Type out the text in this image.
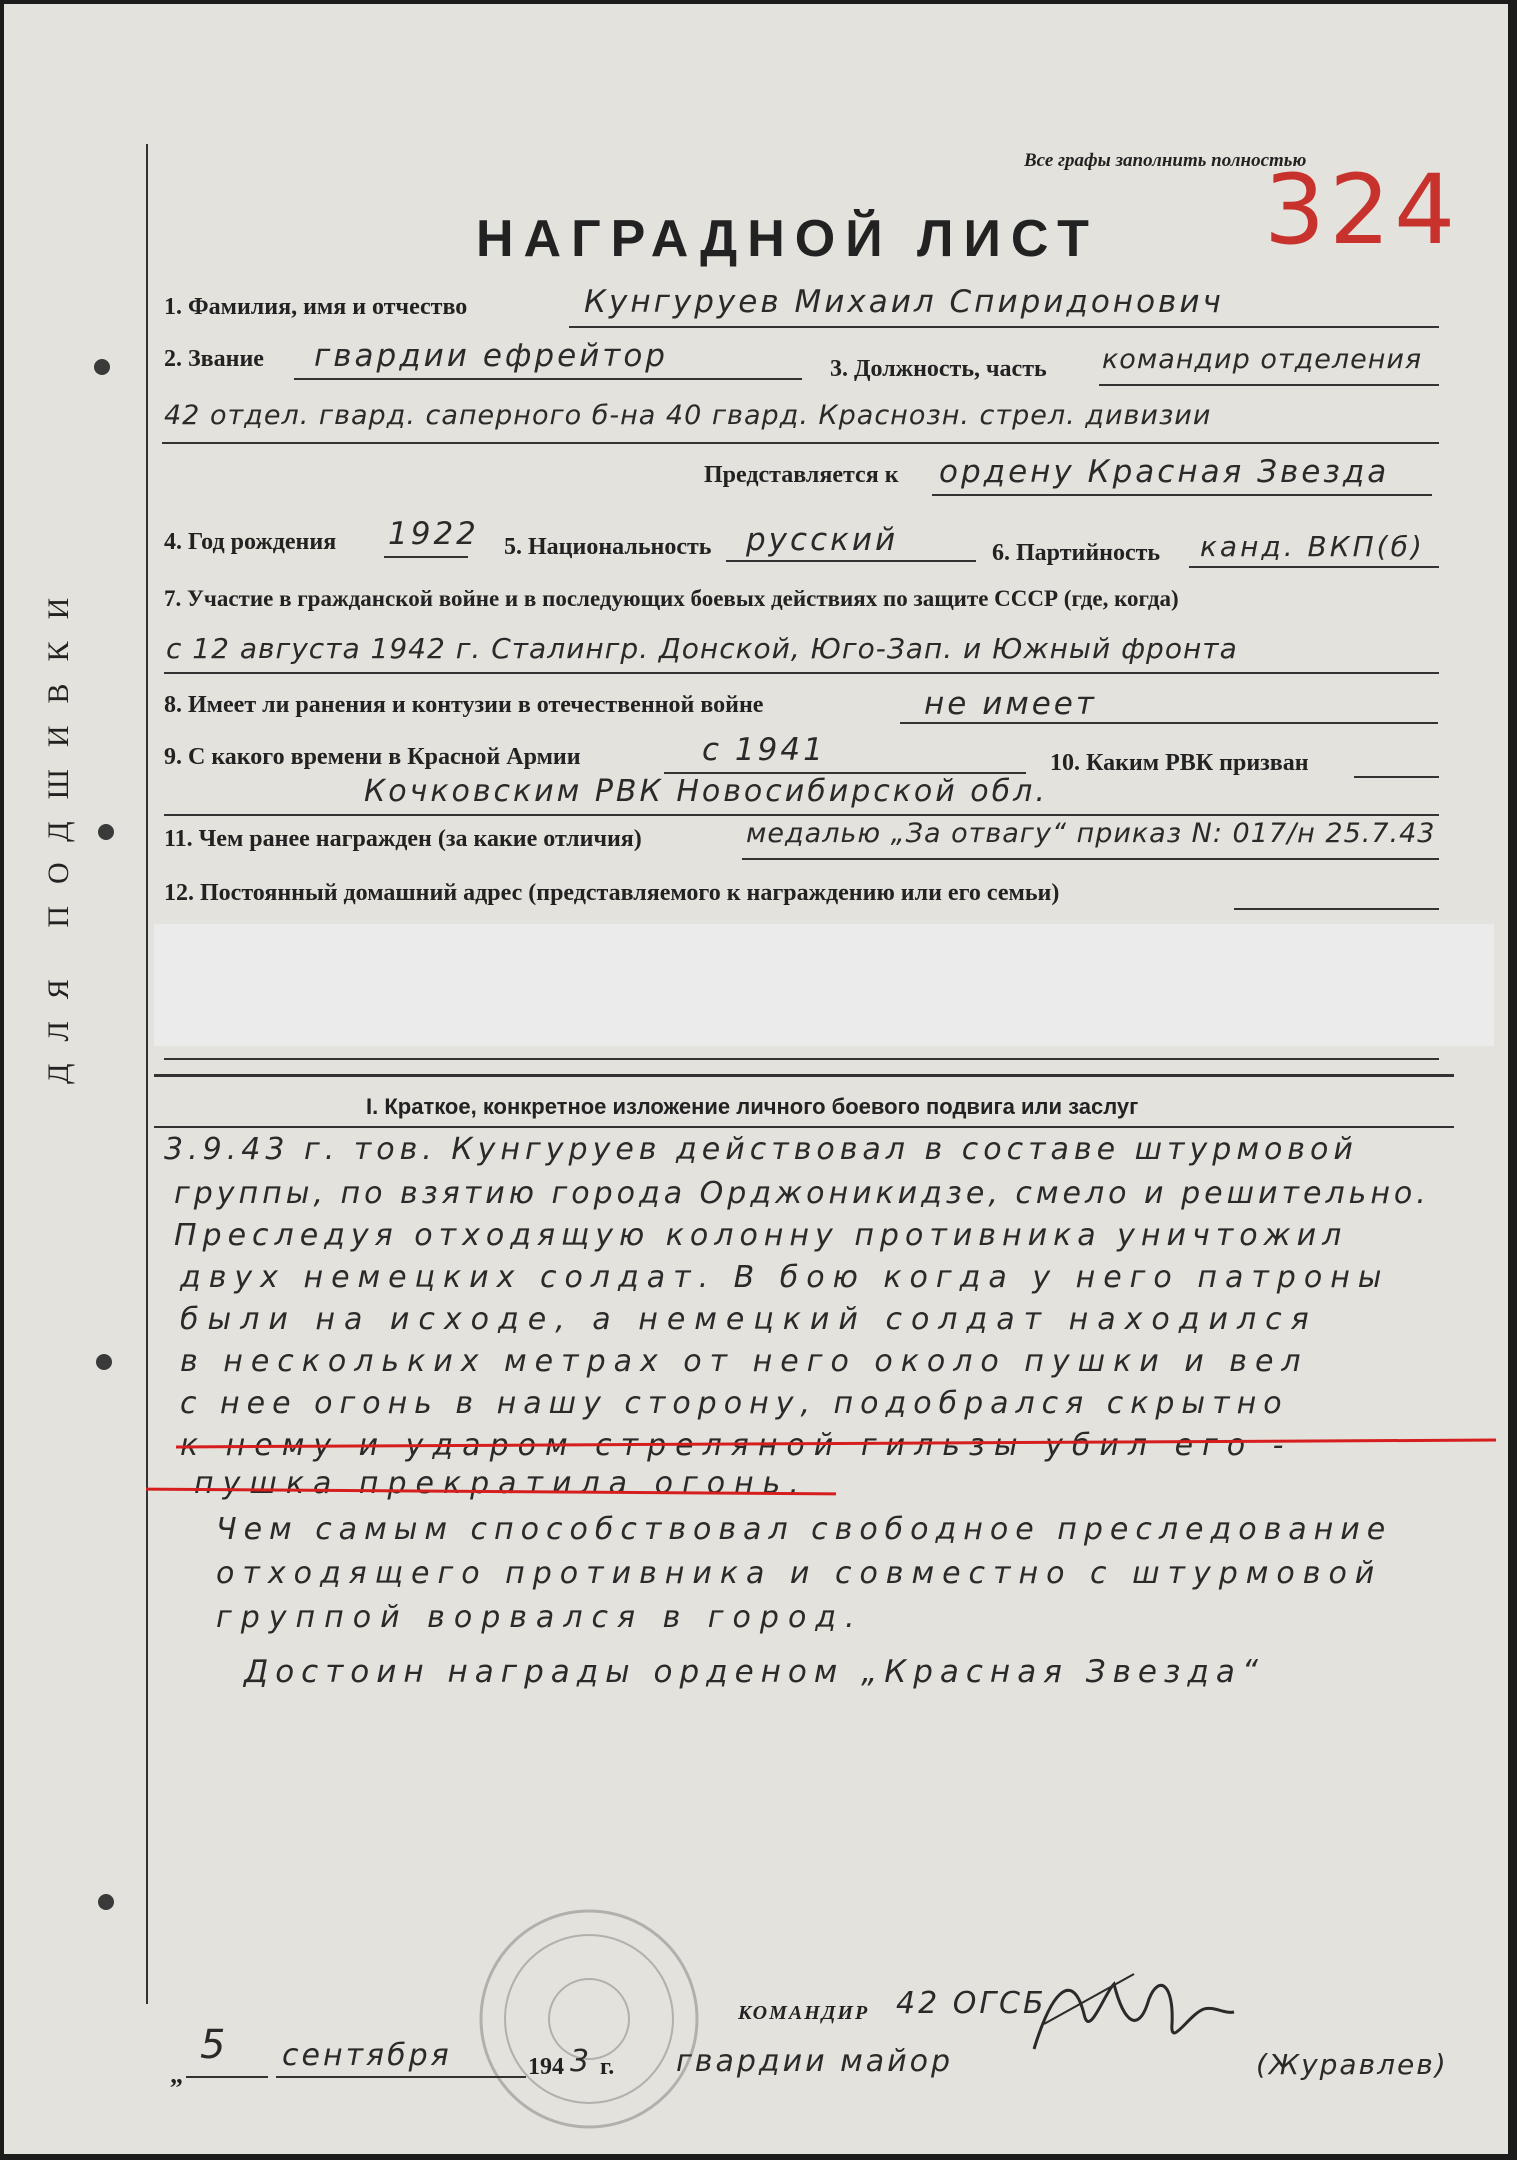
ДЛЯ ПОДШИВКИ
Все графы заполнить полностью
324
НАГРАДНОЙ ЛИСТ
1. Фамилия, имя и отчество	Кунгуруев Михаил Спиридонович
2. Звание гвардии ефрейтор	3. Должность, часть командир отделения
42 отдел. гвард. саперного б-на 40 гвард. Краснозн. стрел. дивизии
Представляется к ордену Красная Звезда
4. Год рождения 1922 5. Национальность русский	6. Партийность канд. ВКП(б)
7. Участие в гражданской войне и в последующих боевых действиях по защите СССР (где, когда)
с 12 августа 1942 г. Сталингр. Донской, Юго-Зап. и Южный фронта
8. Имеет ли ранения и контузии в отечественной войне	не имеет
9. С какого времени в Красной Армии	с 1941	10. Каким РВК призван
Кочковским РВК Новосибирской обл.
11. Чем ранее награжден (за какие отличия)	медалью „За отвагу“ приказ N: 017/н 25.7.43
12. Постоянный домашний адрес (представляемого к награждению или его семьи)
I. Краткое, конкретное изложение личного боевого подвига или заслуг
3.9.43 г. тов. Кунгуруев действовал в составе штурмовой
группы, по взятию города Орджоникидзе, смело и решительно.
Преследуя отходящую колонну противника уничтожил
двух немецких солдат. В бою когда у него патроны
были на исходе, а немецкий солдат находился
в нескольких метрах от него около пушки и вел
с нее огонь в нашу сторону, подобрался скрытно
к нему и ударом стреляной гильзы убил его -
пушка прекратила огонь.
Чем самым способствовал свободное преследование
отходящего противника и совместно с штурмовой
группой ворвался в город.
Достоин награды орденом „Красная Звезда“
КОМАНДИР 42 ОГСБ
„
5 сентября	194 3 г. гвардии майор	(Журавлев)
